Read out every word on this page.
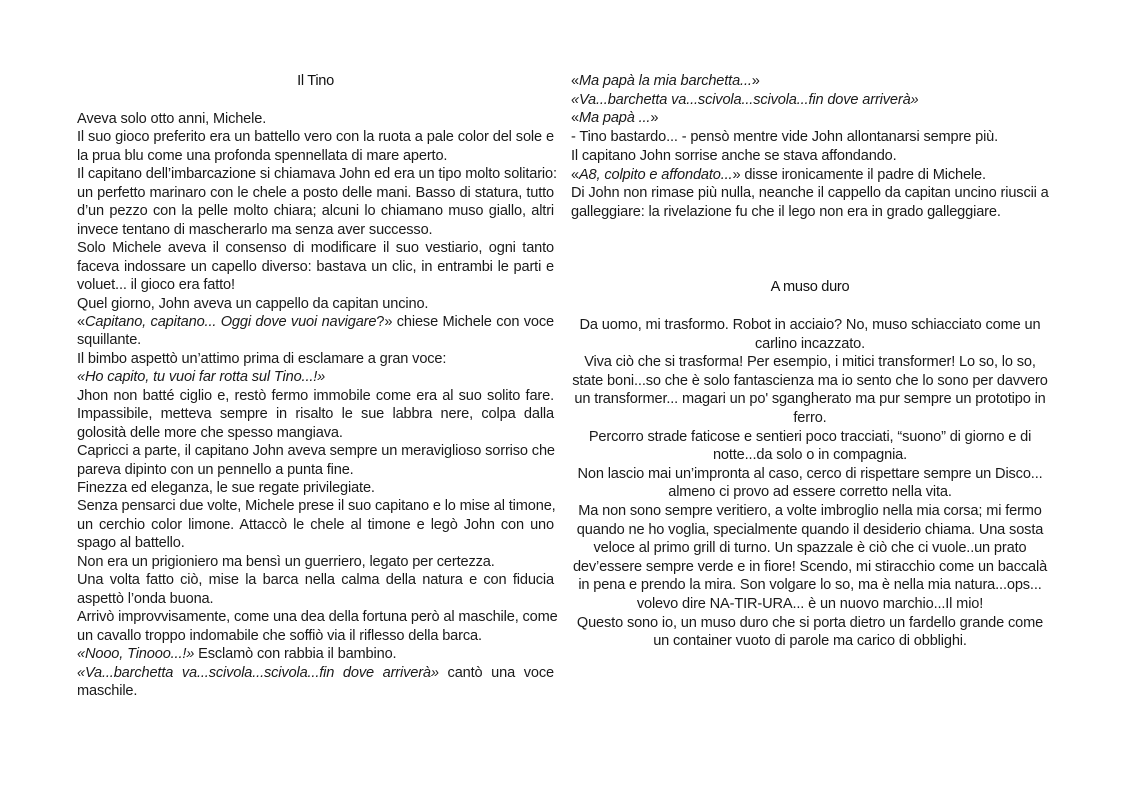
Il Tino
Aveva solo otto anni, Michele.
Il suo gioco preferito era un battello vero con la ruota a pale color del sole e
la prua blu come una profonda spennellata di mare aperto.
Il capitano dell’imbarcazione si chiamava John ed era un tipo molto solitario:
un perfetto marinaro con le chele a posto delle mani. Basso di statura, tutto
d’un pezzo con la pelle molto chiara; alcuni lo chiamano muso giallo, altri
invece tentano di mascherarlo ma senza aver successo.
Solo Michele aveva il consenso di modificare il suo vestiario, ogni tanto
faceva indossare un capello diverso: bastava un clic, in entrambi le parti e
voluet... il gioco era fatto!
Quel giorno, John aveva un cappello da capitan uncino.
«Capitano, capitano... Oggi dove vuoi navigare?» chiese Michele con voce
squillante.
Il bimbo aspettò un’attimo prima di esclamare a gran voce:
«Ho capito, tu vuoi far rotta sul Tino...!»
Jhon non batté ciglio e, restò fermo immobile come era al suo solito fare.
Impassibile, metteva sempre in risalto le sue labbra nere, colpa dalla
golosità delle more che spesso mangiava.
Capricci a parte, il capitano John aveva sempre un meraviglioso sorriso che
pareva dipinto con un pennello a punta fine.
Finezza ed eleganza, le sue regate privilegiate.
Senza pensarci due volte, Michele prese il suo capitano e lo mise al timone,
un cerchio color limone. Attaccò le chele al timone e legò John con uno
spago al battello.
Non era un prigioniero ma bensì un guerriero, legato per certezza.
Una volta fatto ciò, mise la barca nella calma della natura e con fiducia
aspettò l’onda buona.
Arrivò improvvisamente, come una dea della fortuna però al maschile, come
un cavallo troppo indomabile che soffiò via il riflesso della barca.
«Nooo, Tinooo...!» Esclamò con rabbia il bambino.
«Va...barchetta va...scivola...scivola...fin dove arriverà» cantò una voce
maschile.
«Ma papà la mia barchetta...»
«Va...barchetta va...scivola...scivola...fin dove arriverà»
«Ma papà ...»
- Tino bastardo... - pensò mentre vide John allontanarsi sempre più.
Il capitano John sorrise anche se stava affondando.
«A8, colpito e affondato...» disse ironicamente il padre di Michele.
Di John non rimase più nulla, neanche il cappello da capitan uncino riuscii a
galleggiare: la rivelazione fu che il lego non era in grado galleggiare.
A muso duro
Da uomo, mi trasformo. Robot in acciaio? No, muso schiacciato come un
carlino incazzato.
Viva ciò che si trasforma! Per esempio, i mitici transformer! Lo so, lo so,
state boni...so che è solo fantascienza ma io sento che lo sono per davvero
un transformer... magari un po' sgangherato ma pur sempre un prototipo in
ferro.
Percorro strade faticose e sentieri poco tracciati, “suono” di giorno e di
notte...da solo o in compagnia.
Non lascio mai un’impronta al caso, cerco di rispettare sempre un Disco...
almeno ci provo ad essere corretto nella vita.
Ma non sono sempre veritiero, a volte imbroglio nella mia corsa; mi fermo
quando ne ho voglia, specialmente quando il desiderio chiama. Una sosta
veloce al primo grill di turno. Un spazzale è ciò che ci vuole..un prato
dev’essere sempre verde e in fiore! Scendo, mi stiracchio come un baccalà
in pena e prendo la mira. Son volgare lo so, ma è nella mia natura...ops...
volevo dire NA-TIR-URA... è un nuovo marchio...Il mio!
Questo sono io, un muso duro che si porta dietro un fardello grande come
un container vuoto di parole ma carico di obblighi.
